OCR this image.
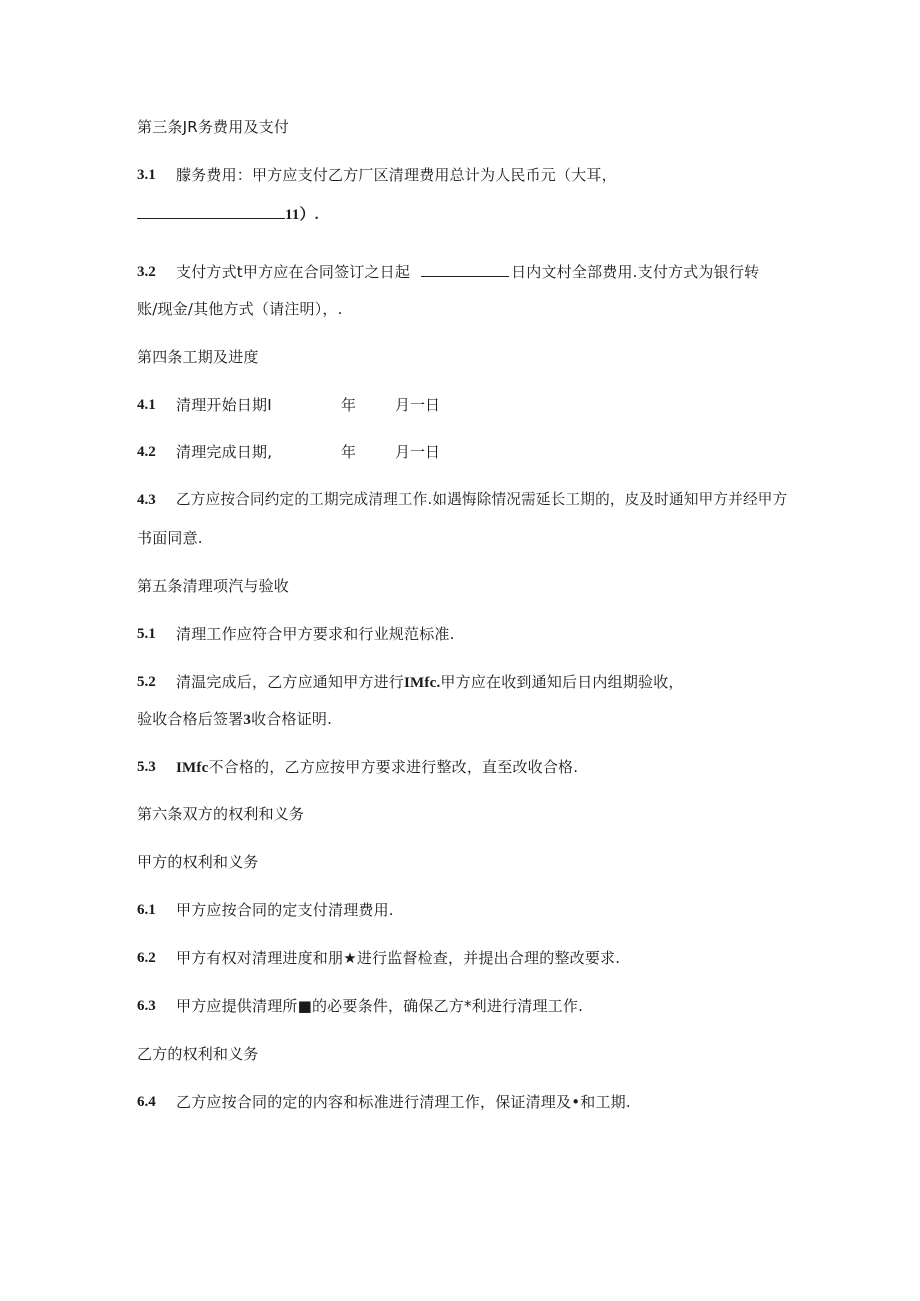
第三条JR务费用及支付
3.1 朦务费用：甲方应支付乙方厂区清理费用总计为人民币元（大耳，
11）.
3.2 支付方式t甲方应在合同签订之日起	日内文村全部费用.支付方式为银行转
账/现金/其他方式（请注明），.
第四条工期及进度
4.1 清理开始日期I	年	月一日
4.2 清理完成日期,	年	月一日
4.3 乙方应按合同约定的工期完成清理工作.如遇悔除情况需延长工期的，皮及时通知甲方并经甲方
书面同意.
第五条清理项汽与验收
5.1 清理工作应符合甲方要求和行业规范标准.
5.2 清温完成后，乙方应通知甲方进行IMfc.甲方应在收到通知后日内组期验收，
验收合格后签署3收合格证明.
5.3 IMfc不合格的，乙方应按甲方要求进行整改，直至改收合格.
第六条双方的权利和义务
甲方的权利和义务
6.1 甲方应按合同的定支付清理费用.
6.2 甲方有权对清理进度和朋★进行监督检查，并提出合理的整改要求.
6.3 甲方应提供清理所■的必要条件，确保乙方*利进行清理工作.
乙方的权利和义务
6.4 乙方应按合同的定的内容和标准进行清理工作，保证清理及•和工期.
